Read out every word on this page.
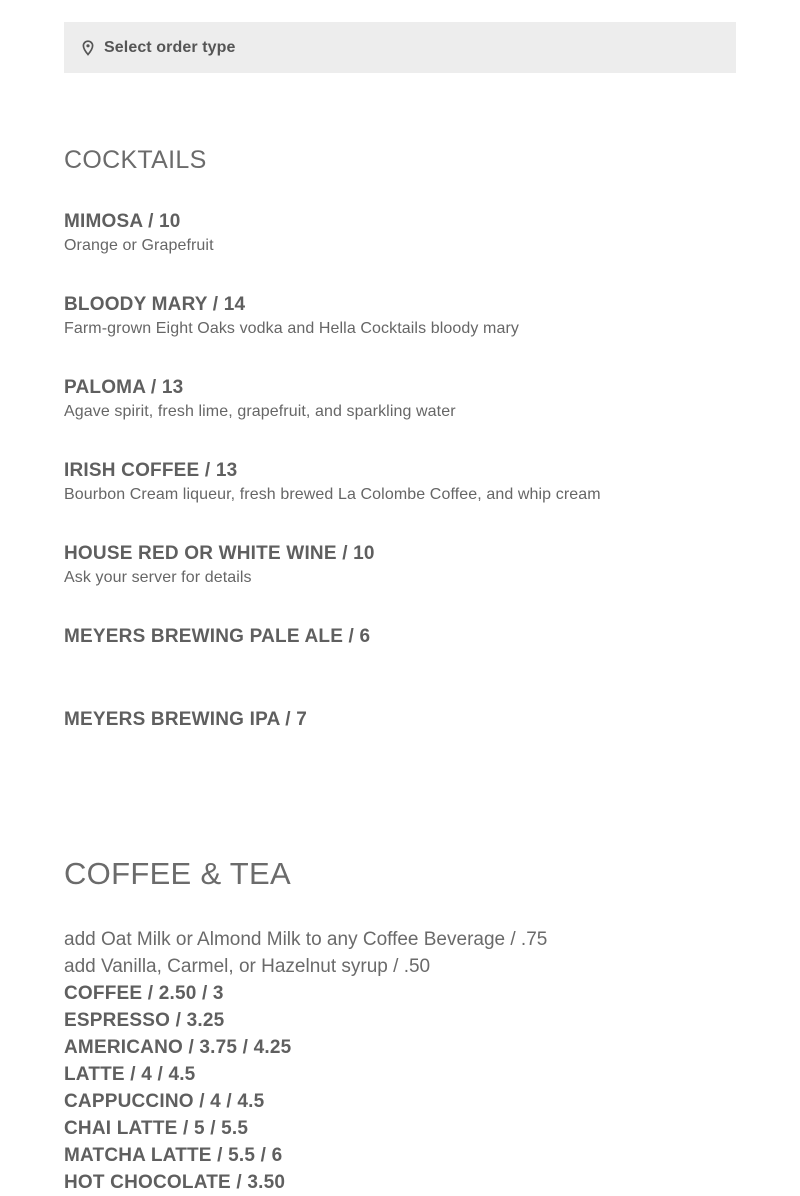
Select order type
COCKTAILS
MIMOSA / 10
Orange or Grapefruit
BLOODY MARY / 14
Farm-grown Eight Oaks vodka and Hella Cocktails bloody mary
PALOMA / 13
Agave spirit, fresh lime, grapefruit, and sparkling water
IRISH COFFEE / 13
Bourbon Cream liqueur, fresh brewed La Colombe Coffee, and whip cream
HOUSE RED OR WHITE WINE / 10
Ask your server for details
MEYERS BREWING PALE ALE / 6
MEYERS BREWING IPA / 7
COFFEE & TEA
add Oat Milk or Almond Milk to any Coffee Beverage / .75
add Vanilla, Carmel, or Hazelnut syrup / .50
COFFEE / 2.50 / 3
ESPRESSO / 3.25
AMERICANO / 3.75 / 4.25
LATTE / 4 / 4.5
CAPPUCCINO / 4 / 4.5
CHAI LATTE / 5 / 5.5
MATCHA LATTE / 5.5 / 6
HOT CHOCOLATE / 3.50
